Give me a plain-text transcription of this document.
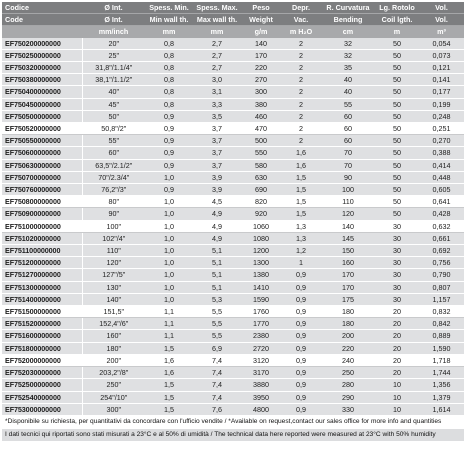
Codice	Ø Int.	Spess. Min.	Spess. Max.	Peso	Depr.	R. Curvatura	Lg. Rotolo	Vol.
Code	Ø Int.	Min wall th.	Max wall th.	Weight	Vac.	Bending	Coil lgth.	Vol.
	mm/inch	mm	mm	g/m	m H₂O	cm	m	m³
EF750200000000	20"	0,8	2,7	140	2	32	50	0,054
EF750250000000	25"	0,8	2,7	170	2	32	50	0,073
EF750320000000	31,8"/1.1/4"	0,8	2,7	220	2	35	50	0,121
EF750380000000	38,1"/1.1/2"	0,8	3,0	270	2	40	50	0,141
EF750400000000	40"	0,8	3,1	300	2	40	50	0,177
EF750450000000	45"	0,8	3,3	380	2	55	50	0,199
EF750500000000	50"	0,9	3,5	460	2	60	50	0,248
EF750520000000	50,8"/2"	0,9	3,7	470	2	60	50	0,251
EF750550000000	55"	0,9	3,7	500	2	60	50	0,270
EF750600000000	60"	0,9	3,7	550	1,6	70	50	0,388
EF750630000000	63,5"/2.1/2"	0,9	3,7	580	1,6	70	50	0,414
EF750700000000	70"/2.3/4"	1,0	3,9	630	1,5	90	50	0,448
EF750760000000	76,2"/3"	0,9	3,9	690	1,5	100	50	0,605
EF750800000000	80"	1,0	4,5	820	1,5	110	50	0,641
EF750900000000	90"	1,0	4,9	920	1,5	120	50	0,428
EF751000000000	100"	1,0	4,9	1060	1,3	140	30	0,632
EF751020000000	102"/4"	1,0	4,9	1080	1,3	145	30	0,661
EF751100000000	110"	1,0	5,1	1200	1,2	150	30	0,692
EF751200000000	120"	1,0	5,1	1300	1	160	30	0,756
EF751270000000	127"/5"	1,0	5,1	1380	0,9	170	30	0,790
EF751300000000	130"	1,0	5,1	1410	0,9	170	30	0,807
EF751400000000	140"	1,0	5,3	1590	0,9	175	30	1,157
EF751500000000	151,5"	1,1	5,5	1760	0,9	180	20	0,832
EF751520000000	152,4"/6"	1,1	5,5	1770	0,9	180	20	0,842
EF751600000000	160"	1,1	5,5	2380	0,9	200	20	0,889
EF751800000000	180"	1,5	6,9	2720	0,9	220	20	1,590
EF752000000000	200"	1,6	7,4	3120	0,9	240	20	1,718
EF752030000000	203,2"/8"	1,6	7,4	3170	0,9	250	20	1,744
EF752500000000	250"	1,5	7,4	3880	0,9	280	10	1,356
EF752540000000	254"/10"	1,5	7,4	3950	0,9	290	10	1,379
EF753000000000	300"	1,5	7,6	4800	0,9	330	10	1,614
*Disponibile su richiesta, per quantitativi da concordare con l'ufficio vendite / *Available on request,contact our sales office for more info and quantities
I dati tecnici qui riportati sono stati misurati a 23°C e al 50% di umidità / The technical data here reported were measured at 23°C with 50% humidity
